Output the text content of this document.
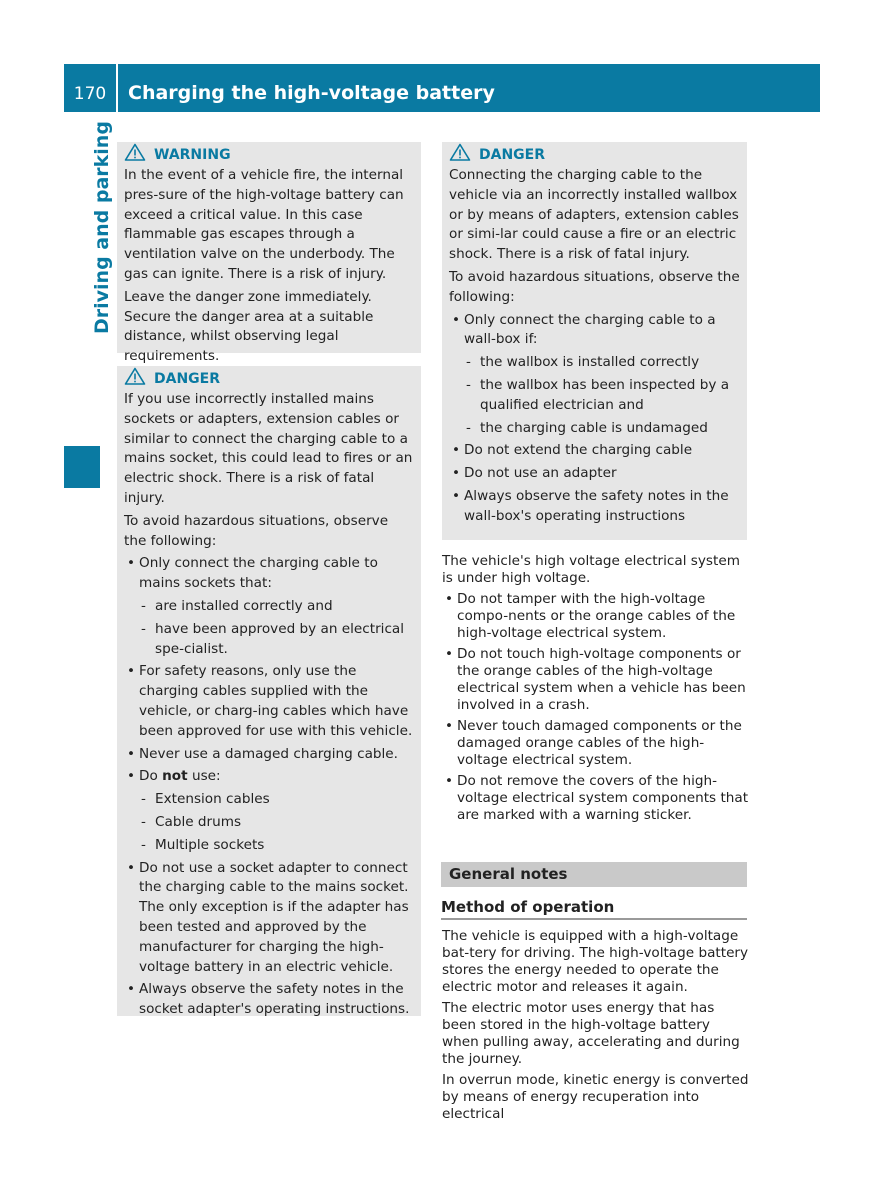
170	Charging the high-voltage battery
Driving and parking	WARNING

In the event of a vehicle fire, the internal pres-sure of the high-voltage battery can exceed a critical value. In this case flammable gas escapes through a ventilation valve on the underbody. The gas can ignite. There is a risk of injury.

Leave the danger zone immediately. Secure the danger area at a suitable distance, whilst observing legal requirements.

DANGER

If you use incorrectly installed mains sockets or adapters, extension cables or similar to connect the charging cable to a mains socket, this could lead to fires or an electric shock. There is a risk of fatal injury.

To avoid hazardous situations, observe the following:

• Only connect the charging cable to mains sockets that:
- are installed correctly and
- have been approved by an electrical spe-cialist.
• For safety reasons, only use the charging cables supplied with the vehicle, or charg-ing cables which have been approved for use with this vehicle.
• Never use a damaged charging cable.
• Do not use:
- Extension cables
- Cable drums
- Multiple sockets
• Do not use a socket adapter to connect the charging cable to the mains socket. The only exception is if the adapter has been tested and approved by the manufacturer for charging the high-voltage battery in an electric vehicle.
• Always observe the safety notes in the socket adapter's operating instructions.
DANGER

Connecting the charging cable to the vehicle via an incorrectly installed wallbox or by means of adapters, extension cables or simi-lar could cause a fire or an electric shock. There is a risk of fatal injury.

To avoid hazardous situations, observe the following:

• Only connect the charging cable to a wall-box if:
- the wallbox is installed correctly
- the wallbox has been inspected by a qualified electrician and
- the charging cable is undamaged
• Do not extend the charging cable
• Do not use an adapter
• Always observe the safety notes in the wall-box's operating instructions

The vehicle's high voltage electrical system is under high voltage.

• Do not tamper with the high-voltage compo-nents or the orange cables of the high-voltage electrical system.
• Do not touch high-voltage components or the orange cables of the high-voltage electrical system when a vehicle has been involved in a crash.
• Never touch damaged components or the damaged orange cables of the high-voltage electrical system.
• Do not remove the covers of the high-voltage electrical system components that are marked with a warning sticker.
General notes
Method of operation

The vehicle is equipped with a high-voltage bat-tery for driving. The high-voltage battery stores the energy needed to operate the electric motor and releases it again.

The electric motor uses energy that has been stored in the high-voltage battery when pulling away, accelerating and during the journey.

In overrun mode, kinetic energy is converted by means of energy recuperation into electrical
